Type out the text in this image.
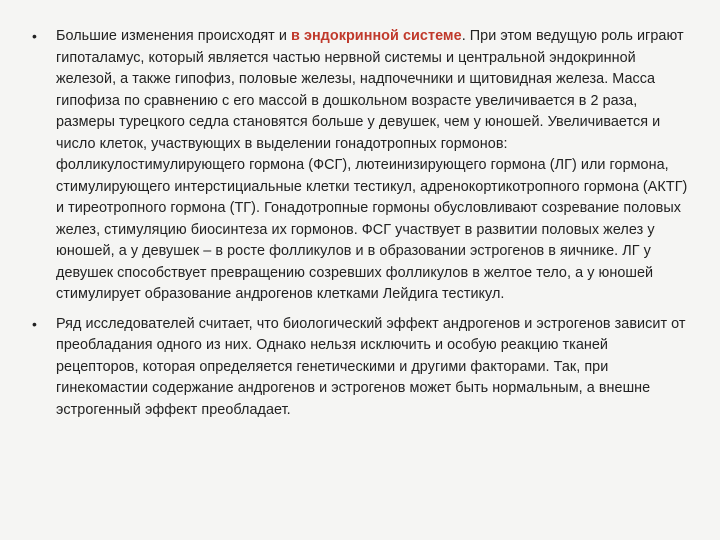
• Большие изменения происходят и в эндокринной системе. При этом ведущую роль играют гипоталамус, который является частью нервной системы и центральной эндокринной железой, а также гипофиз, половые железы, надпочечники и щитовидная железа. Масса гипофиза по сравнению с его массой в дошкольном возрасте увеличивается в 2 раза, размеры турецкого седла становятся больше у девушек, чем у юношей. Увеличивается и число клеток, участвующих в выделении гонадотропных гормонов: фолликулостимулирующего гормона (ФСГ), лютеинизирующего гормона (ЛГ) или гормона, стимулирующего интерстициальные клетки тестикул, адренокортикотропного гормона (АКТГ) и тиреотропного гормона (ТГ). Гонадотропные гормоны обусловливают созревание половых желез, стимуляцию биосинтеза их гормонов. ФСГ участвует в развитии половых желез у юношей, а у девушек – в росте фолликулов и в образовании эстрогенов в яичнике. ЛГ у девушек способствует превращению созревших фолликулов в желтое тело, а у юношей стимулирует образование андрогенов клетками Лейдига тестикул.
• Ряд исследователей считает, что биологический эффект андрогенов и эстрогенов зависит от преобладания одного из них. Однако нельзя исключить и особую реакцию тканей рецепторов, которая определяется генетическими и другими факторами. Так, при гинекомастии содержание андрогенов и эстрогенов может быть нормальным, а внешне эстрогенный эффект преобладает.
